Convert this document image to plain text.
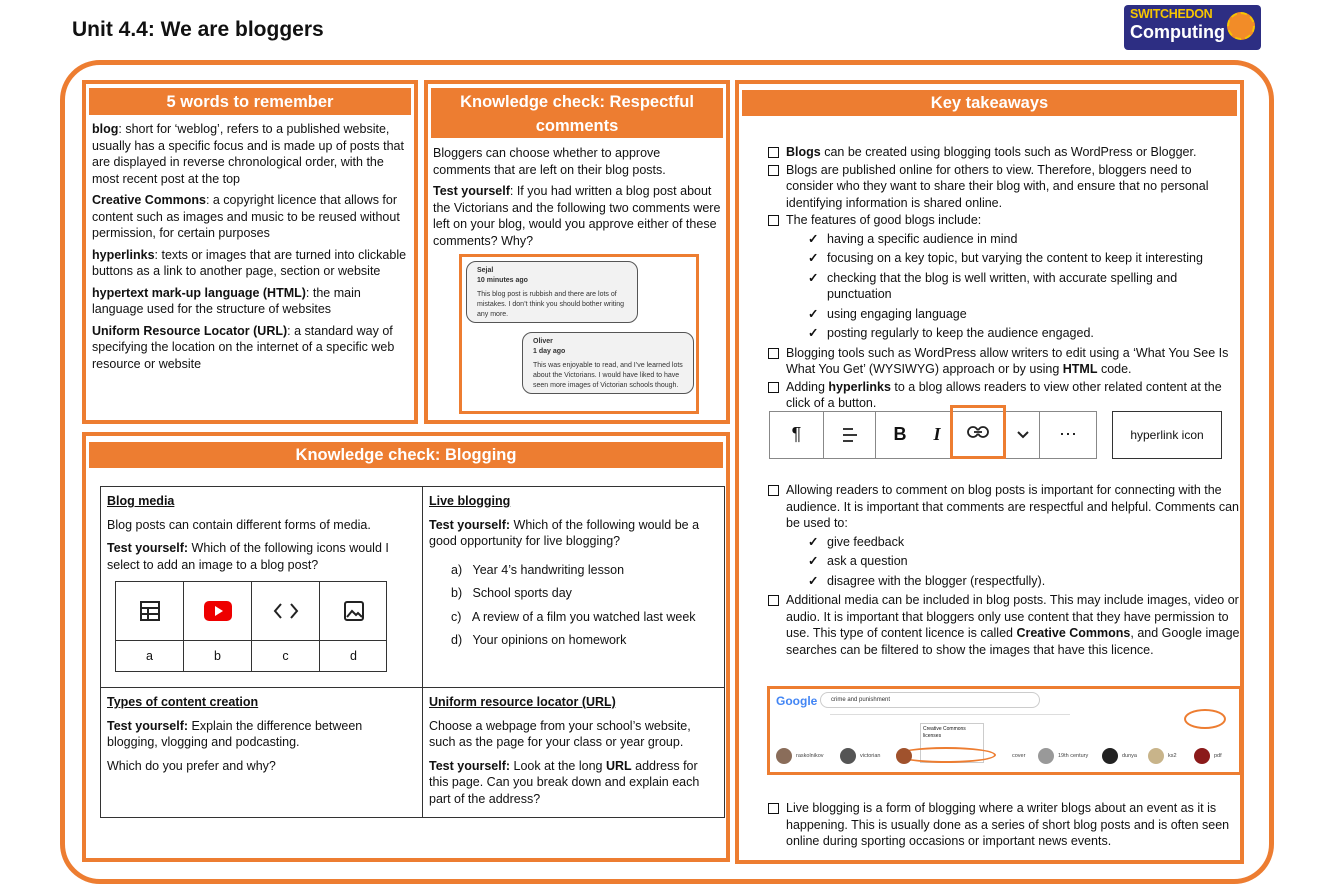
Unit 4.4: We are bloggers
SWITCHEDON
Computing
5 words to remember

blog: short for ‘weblog’, refers to a published website, usually has a specific focus and is made up of posts that are displayed in reverse chronological order, with the most recent post at the top

Creative Commons: a copyright licence that allows for content such as images and music to be reused without permission, for certain purposes

hyperlinks: texts or images that are turned into clickable buttons as a link to another page, section or website

hypertext mark-up language (HTML): the main language used for the structure of websites

Uniform Resource Locator (URL): a standard way of specifying the location on the internet of a specific web resource or website

Knowledge check: Respectful comments

Bloggers can choose whether to approve comments that are left on their blog posts.

Test yourself: If you had written a blog post about the Victorians and the following two comments were left on your blog, would you approve either of these comments? Why?

Sejal
10 minutes ago
This blog post is rubbish and there are lots of mistakes. I don’t think you should bother writing any more.
Oliver
1 day ago
This was enjoyable to read, and I’ve learned lots about the Victorians. I would have liked to have seen more images of Victorian schools though.
Knowledge check: Blogging
Blog media

Blog posts can contain different forms of media.

Test yourself: Which of the following icons would I select to add an image to a blog post?

a	b	c	d
Live blogging

Test yourself: Which of the following would be a good opportunity for live blogging?

a)   Year 4’s handwriting lesson
b)   School sports day
c)   A review of a film you watched last week
d)   Your opinions on homework
Types of content creation

Test yourself: Explain the difference between blogging, vlogging and podcasting.

Which do you prefer and why?

Uniform resource locator (URL)

Choose a webpage from your school’s website, such as the page for your class or year group.

Test yourself: Look at the long URL address for this page. Can you break down and explain each part of the address?

Key takeaways
Blogs can be created using blogging tools such as WordPress or Blogger.
Blogs are published online for others to view. Therefore, bloggers need to consider who they want to share their blog with, and ensure that no personal identifying information is shared online.
The features of good blogs include:
✓ having a specific audience in mind
✓ focusing on a key topic, but varying the content to keep it interesting
✓ checking that the blog is well written, with accurate spelling and punctuation
✓ using engaging language
✓ posting regularly to keep the audience engaged.
Blogging tools such as WordPress allow writers to edit using a ‘What You See Is What You Get’ (WYSIWYG) approach or by using HTML code.
Adding hyperlinks to a blog allows readers to view other related content at the click of a button.
¶	B	I	⋯	hyperlink icon
Allowing readers to comment on blog posts is important for connecting with the audience. It is important that comments are respectful and helpful. Comments can be used to:
✓ give feedback
✓ ask a question
✓ disagree with the blogger (respectfully).
Additional media can be included in blog posts. This may include images, video or audio. It is important that bloggers only use content that they have permission to use. This type of content licence is called Creative Commons, and Google image searches can be filtered to show the images that have this licence.
Google	crime and punishment
Creative Commons licenses
raskolnikov	victorian	cover	19th century	dunya	ks2	pdf
Live blogging is a form of blogging where a writer blogs about an event as it is happening. This is usually done as a series of short blog posts and is often seen online during sporting occasions or important news events.
